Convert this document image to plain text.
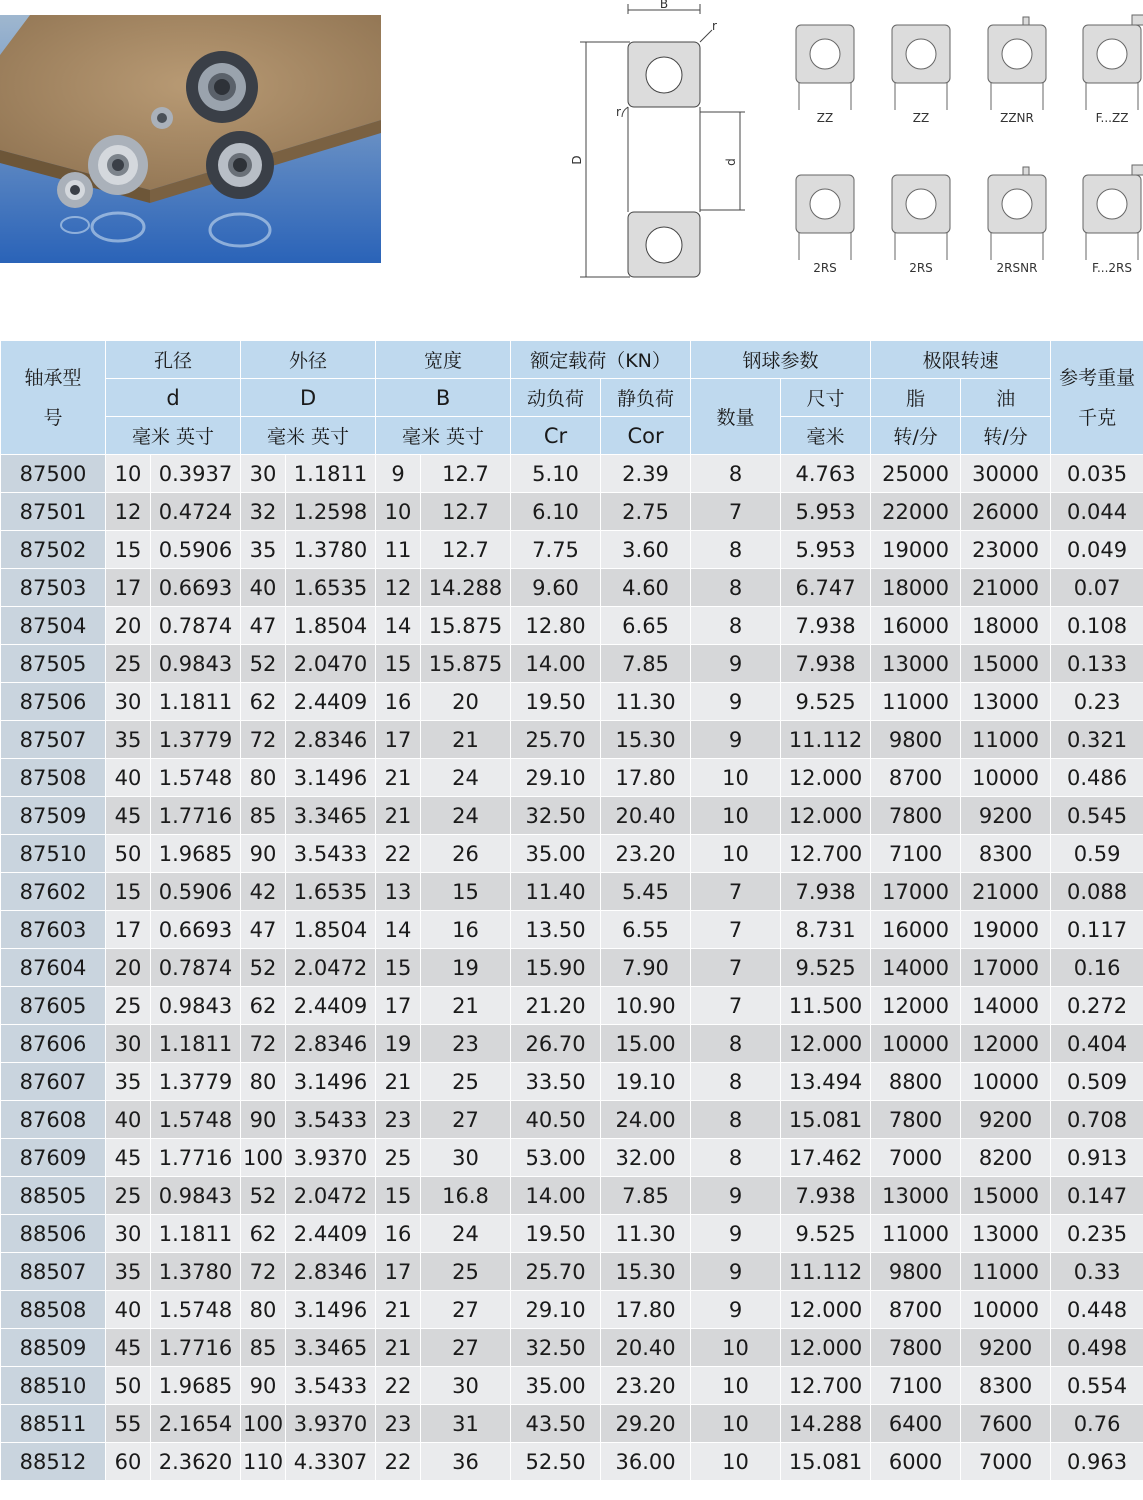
B
r
r
D	d
ZZ	ZZ	ZZNR	F...ZZ
2RS	2RS	2RSNR	F...2RS
轴承型号	孔径		外径		宽度		额定载荷（KN）		钢球参数		极限转速		参考重量千克
	d		D		B		动负荷	静负荷	数量	尺寸	脂	油	
	毫米 英寸		毫米 英寸		毫米 英寸		Cr	Cor		毫米	转/分	转/分	
87500	10	0.3937	30	1.1811	9	12.7	5.10	2.39	8	4.763	25000	30000	0.035
87501	12	0.4724	32	1.2598	10	12.7	6.10	2.75	7	5.953	22000	26000	0.044
87502	15	0.5906	35	1.3780	11	12.7	7.75	3.60	8	5.953	19000	23000	0.049
87503	17	0.6693	40	1.6535	12	14.288	9.60	4.60	8	6.747	18000	21000	0.07
87504	20	0.7874	47	1.8504	14	15.875	12.80	6.65	8	7.938	16000	18000	0.108
87505	25	0.9843	52	2.0470	15	15.875	14.00	7.85	9	7.938	13000	15000	0.133
87506	30	1.1811	62	2.4409	16	20	19.50	11.30	9	9.525	11000	13000	0.23
87507	35	1.3779	72	2.8346	17	21	25.70	15.30	9	11.112	9800	11000	0.321
87508	40	1.5748	80	3.1496	21	24	29.10	17.80	10	12.000	8700	10000	0.486
87509	45	1.7716	85	3.3465	21	24	32.50	20.40	10	12.000	7800	9200	0.545
87510	50	1.9685	90	3.5433	22	26	35.00	23.20	10	12.700	7100	8300	0.59
87602	15	0.5906	42	1.6535	13	15	11.40	5.45	7	7.938	17000	21000	0.088
87603	17	0.6693	47	1.8504	14	16	13.50	6.55	7	8.731	16000	19000	0.117
87604	20	0.7874	52	2.0472	15	19	15.90	7.90	7	9.525	14000	17000	0.16
87605	25	0.9843	62	2.4409	17	21	21.20	10.90	7	11.500	12000	14000	0.272
87606	30	1.1811	72	2.8346	19	23	26.70	15.00	8	12.000	10000	12000	0.404
87607	35	1.3779	80	3.1496	21	25	33.50	19.10	8	13.494	8800	10000	0.509
87608	40	1.5748	90	3.5433	23	27	40.50	24.00	8	15.081	7800	9200	0.708
87609	45	1.7716	100	3.9370	25	30	53.00	32.00	8	17.462	7000	8200	0.913
88505	25	0.9843	52	2.0472	15	16.8	14.00	7.85	9	7.938	13000	15000	0.147
88506	30	1.1811	62	2.4409	16	24	19.50	11.30	9	9.525	11000	13000	0.235
88507	35	1.3780	72	2.8346	17	25	25.70	15.30	9	11.112	9800	11000	0.33
88508	40	1.5748	80	3.1496	21	27	29.10	17.80	9	12.000	8700	10000	0.448
88509	45	1.7716	85	3.3465	21	27	32.50	20.40	10	12.000	7800	9200	0.498
88510	50	1.9685	90	3.5433	22	30	35.00	23.20	10	12.700	7100	8300	0.554
88511	55	2.1654	100	3.9370	23	31	43.50	29.20	10	14.288	6400	7600	0.76
88512	60	2.3620	110	4.3307	22	36	52.50	36.00	10	15.081	6000	7000	0.963
